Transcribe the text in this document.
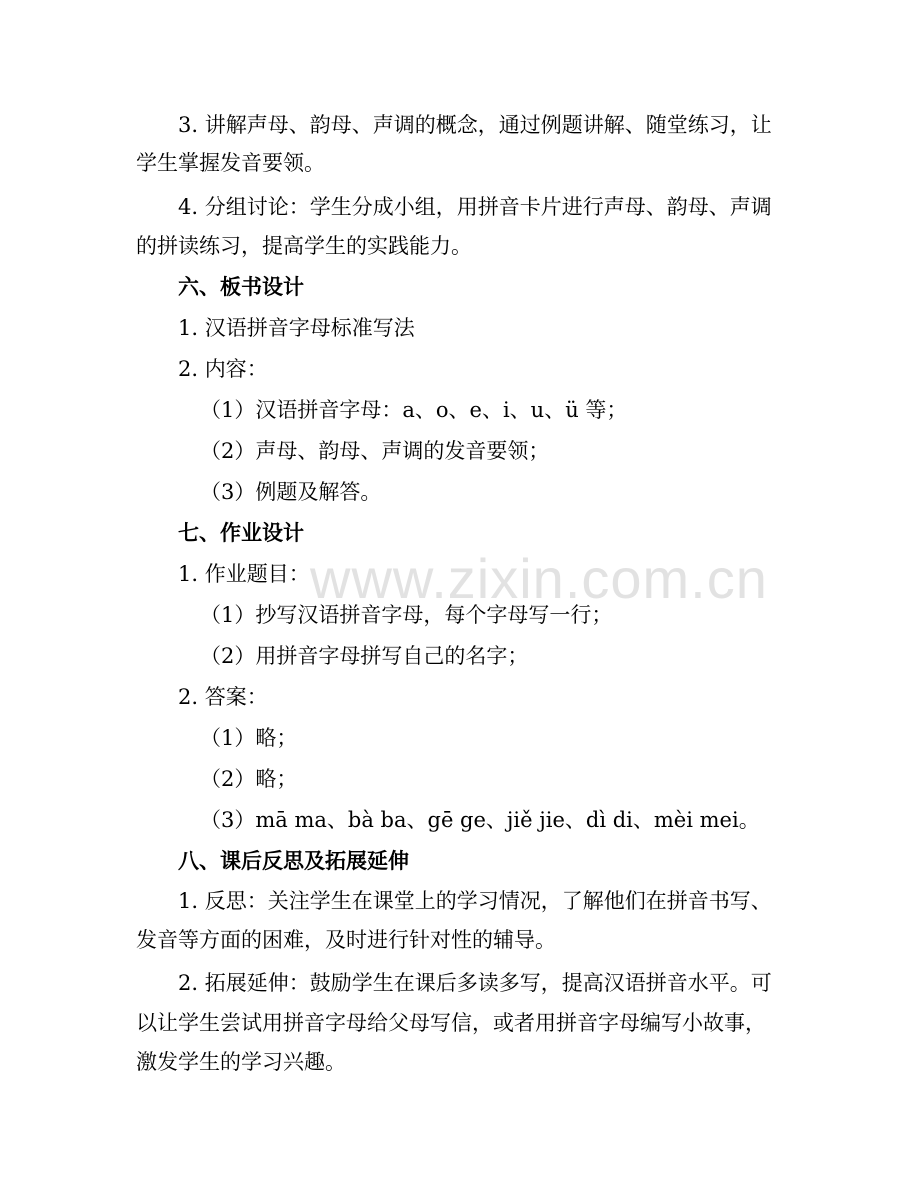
www.zixin.com.cn
3. 讲解声母、韵母、声调的概念，通过例题讲解、随堂练习，让
学生掌握发音要领。
4. 分组讨论：学生分成小组，用拼音卡片进行声母、韵母、声调
的拼读练习，提高学生的实践能力。
六、板书设计
1. 汉语拼音字母标准写法
2. 内容：
（1）汉语拼音字母：a、o、e、i、u、ü 等；
（2）声母、韵母、声调的发音要领；
（3）例题及解答。
七、作业设计
1. 作业题目：
（1）抄写汉语拼音字母，每个字母写一行；
（2）用拼音字母拼写自己的名字；
2. 答案：
（1）略；
（2）略；
（3）mā ma、bà ba、gē ge、jiě jie、dì di、mèi mei。
八、课后反思及拓展延伸
1. 反思：关注学生在课堂上的学习情况，了解他们在拼音书写、
发音等方面的困难，及时进行针对性的辅导。
2. 拓展延伸：鼓励学生在课后多读多写，提高汉语拼音水平。可
以让学生尝试用拼音字母给父母写信，或者用拼音字母编写小故事，
激发学生的学习兴趣。
